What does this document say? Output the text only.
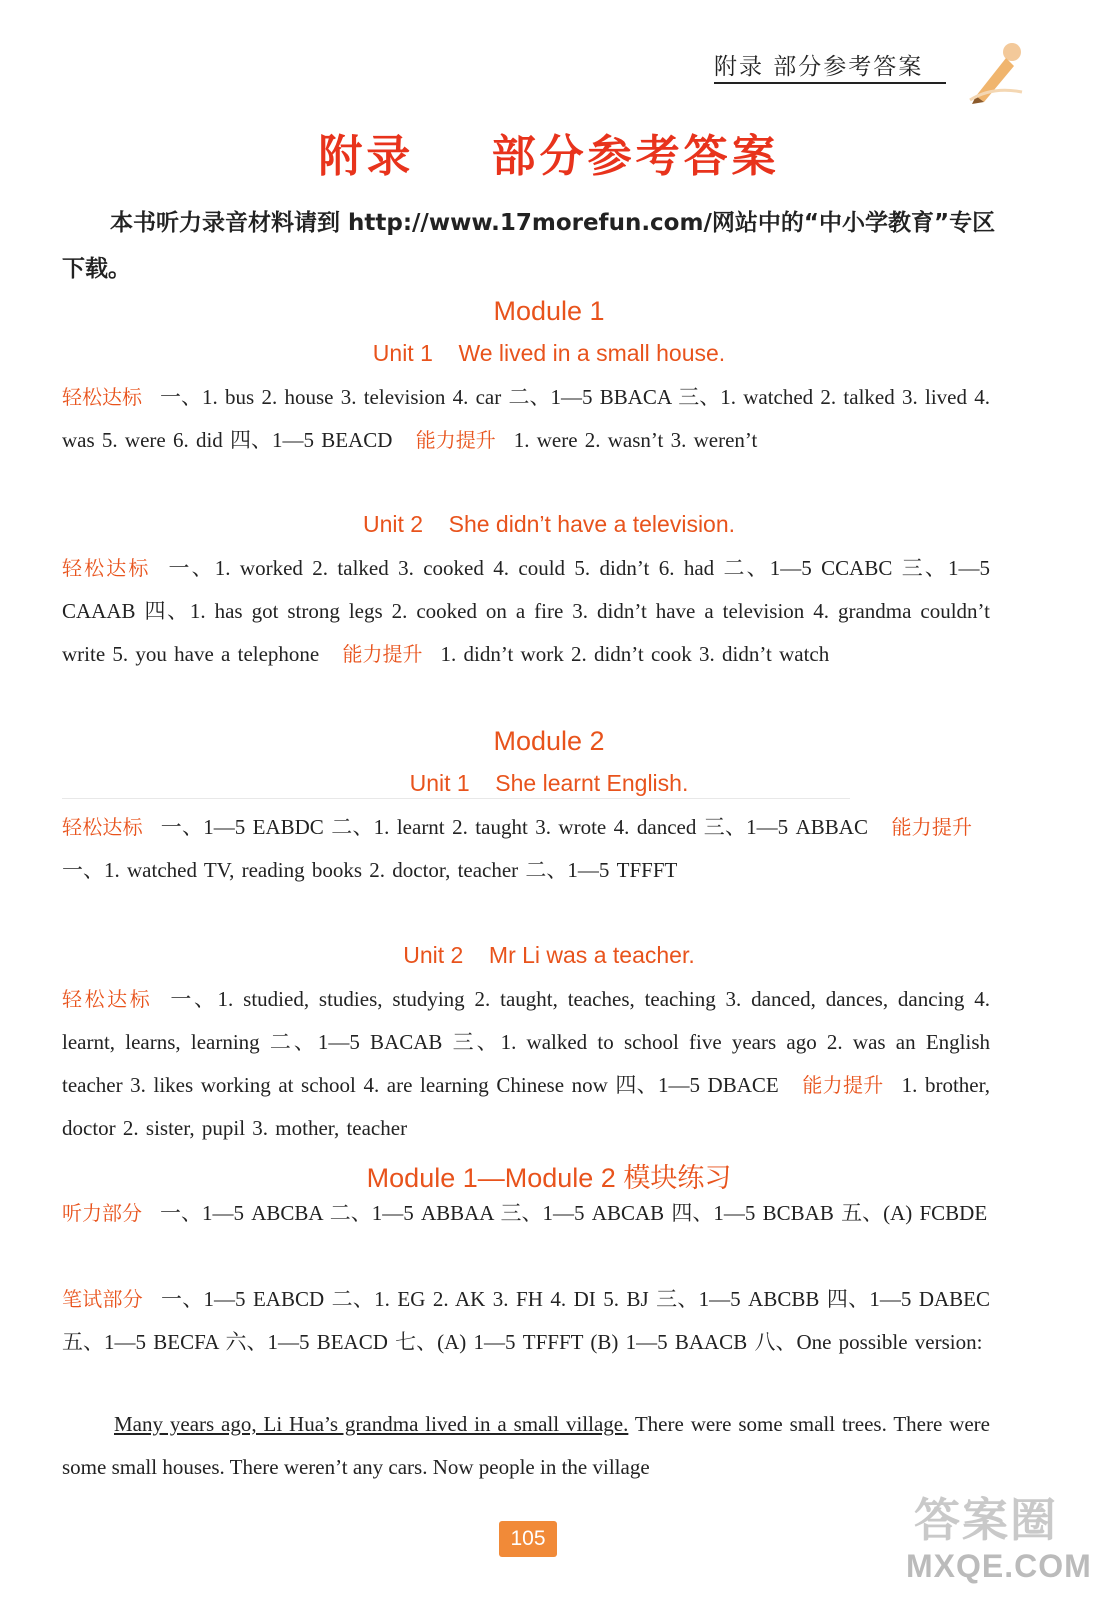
附录 部分参考答案
附录    部分参考答案
本书听力录音材料请到 http://www.17morefun.com/网站中的“中小学教育”专区下载。
Module 1
Unit 1    We lived in a small house.
轻松达标 一、1. bus 2. house 3. television 4. car 二、1—5 BBACA 三、1. watched 2. talked 3. lived 4. was 5. were 6. did 四、1—5 BEACD 能力提升 1. were 2. wasn’t 3. weren’t
Unit 2    She didn’t have a television.
轻松达标 一、1. worked 2. talked 3. cooked 4. could 5. didn’t 6. had 二、1—5 CCABC 三、1—5 CAAAB 四、1. has got strong legs 2. cooked on a fire 3. didn’t have a television 4. grandma couldn’t write 5. you have a telephone 能力提升 1. didn’t work 2. didn’t cook 3. didn’t watch
Module 2
Unit 1    She learnt English.
轻松达标 一、1—5 EABDC 二、1. learnt 2. taught 3. wrote 4. danced 三、1—5 ABBAC 能力提升一、1. watched TV, reading books 2. doctor, teacher 二、1—5 TFFFT
Unit 2    Mr Li was a teacher.
轻松达标 一、1. studied, studies, studying 2. taught, teaches, teaching 3. danced, dances, dancing 4. learnt, learns, learning 二、1—5 BACAB 三、1. walked to school five years ago 2. was an English teacher 3. likes working at school 4. are learning Chinese now 四、1—5 DBACE 能力提升 1. brother, doctor 2. sister, pupil 3. mother, teacher
Module 1—Module 2 模块练习
听力部分 一、1—5 ABCBA 二、1—5 ABBAA 三、1—5 ABCAB 四、1—5 BCBAB 五、(A) FCBDE
笔试部分 一、1—5 EABCD 二、1. EG 2. AK 3. FH 4. DI 5. BJ 三、1—5 ABCBB 四、1—5 DABEC 五、1—5 BECFA 六、1—5 BEACD 七、(A) 1—5 TFFFT (B) 1—5 BAACB 八、One possible version:
Many years ago, Li Hua’s grandma lived in a small village. There were some small trees. There were some small houses. There weren’t any cars. Now people in the village
105	答案圈
MXQE.COM
